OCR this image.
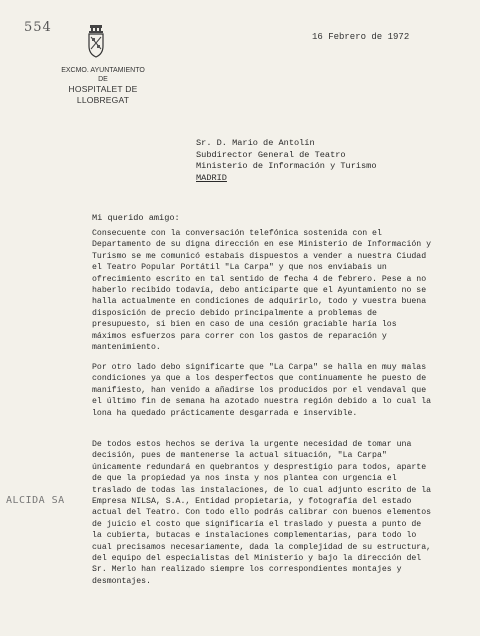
554
EXCMO. AYUNTAMIENTO
DE
HOSPITALET DE LLOBREGAT
16 Febrero de 1972
Sr. D. Mario de Antolín
Subdirector General de Teatro
Ministerio de Información y Turismo
MADRID
Mi querido amigo:

Consecuente con la conversación telefónica sostenida con el Departamento de su digna dirección en ese Ministerio de Información y Turismo se me comunicó estabais dispuestos a vender a nuestra Ciudad el Teatro Popular Portátil "La Carpa" y que nos enviabais un ofrecimiento escrito en tal sentido de fecha 4 de febrero. Pese a no haberlo recibido todavía, debo anticiparte que el Ayuntamiento no se halla actualmente en condiciones de adquirirlo, todo y vuestra buena disposición de precio debido principalmente a problemas de presupuesto, si bien en caso de una cesión graciable haría los máximos esfuerzos para correr con los gastos de reparación y mantenimiento.

Por otro lado debo significarte que "La Carpa" se halla en muy malas condiciones ya que a los desperfectos que continuamente he puesto de manifiesto, han venido a añadirse los producidos por el vendaval que el último fin de semana ha azotado nuestra región debido a lo cual la lona ha quedado prácticamente desgarrada e inservible.

De todos estos hechos se deriva la urgente necesidad de tomar una decisión, pues de mantenerse la actual situación, "La Carpa" únicamente redundará en quebrantos y desprestigio para todos, aparte de que la propiedad ya nos insta y nos plantea con urgencia el traslado de todas las instalaciones, de lo cual adjunto escrito de la Empresa NILSA, S.A., Entidad propietaria, y fotografía del estado actual del Teatro. Con todo ello podrás calibrar con buenos elementos de juicio el costo que significaría el traslado y puesta a punto de la cubierta, butacas e instalaciones complementarias, para todo lo cual precisamos necesariamente, dada la complejidad de su estructura, del equipo del especialistas del Ministerio y bajo la dirección del Sr. Merlo han realizado siempre los correspondientes montajes y desmontajes.

ALCIDA SA
